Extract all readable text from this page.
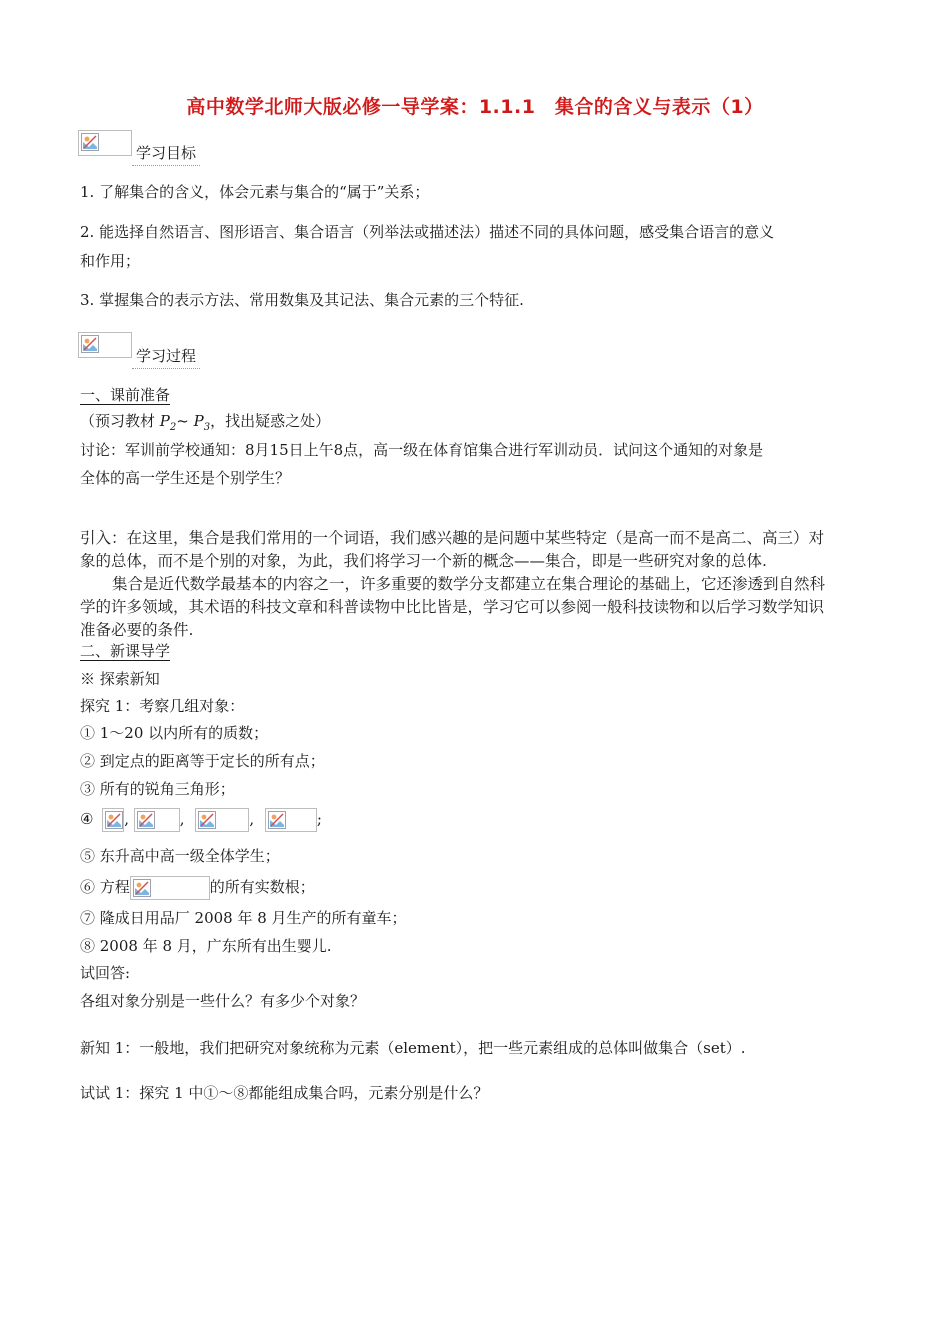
高中数学北师大版必修一导学案：1.1.1　集合的含义与表示（1）
学习目标
1. 了解集合的含义，体会元素与集合的“属于”关系；
2. 能选择自然语言、图形语言、集合语言（列举法或描述法）描述不同的具体问题，感受集合语言的意义
和作用；
3. 掌握集合的表示方法、常用数集及其记法、集合元素的三个特征.
学习过程
一、课前准备
（预习教材 $P_2\sim$ $P_3$，找出疑惑之处）
讨论：军训前学校通知：8月15日上午8点，高一级在体育馆集合进行军训动员．试问这个通知的对象是
全体的高一学生还是个别学生？
引入：在这里，集合是我们常用的一个词语，我们感兴趣的是问题中某些特定（是高一而不是高二、高三）对
象的总体，而不是个别的对象，为此，我们将学习一个新的概念——集合，即是一些研究对象的总体.
集合是近代数学最基本的内容之一，许多重要的数学分支都建立在集合理论的基础上，它还渗透到自然科
学的许多领域，其术语的科技文章和科普读物中比比皆是，学习它可以参阅一般科技读物和以后学习数学知识
准备必要的条件.
二、新课导学
※ 探索新知
探究 1：考察几组对象：
① 1～20 以内所有的质数；
② 到定点的距离等于定长的所有点；
③ 所有的锐角三角形；
④ ,	,	,	;
⑤ 东升高中高一级全体学生；
⑥ 方程	的所有实数根；
⑦ 隆成日用品厂 2008 年 8 月生产的所有童车；
⑧ 2008 年 8 月，广东所有出生婴儿.
试回答:
各组对象分别是一些什么？有多少个对象？
新知 1：一般地，我们把研究对象统称为元素（element），把一些元素组成的总体叫做集合（set）.
试试 1：探究 1 中①～⑧都能组成集合吗，元素分别是什么？
